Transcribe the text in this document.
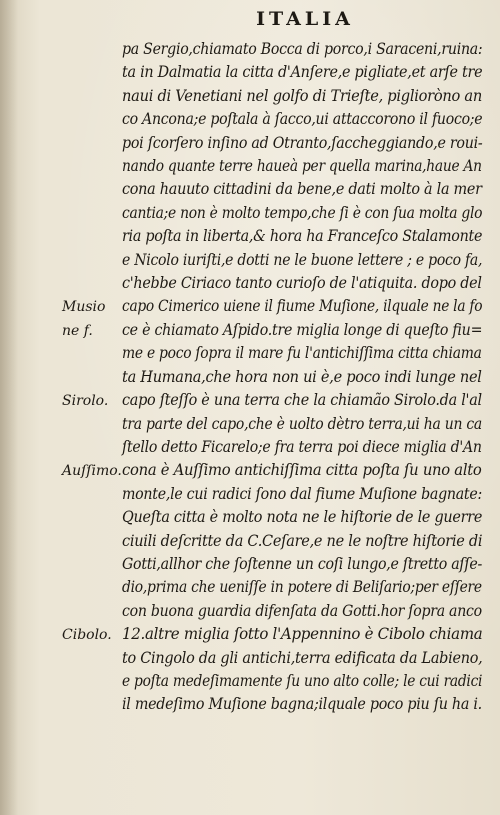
ITALIA
Musio
ne f.
Sirolo.
Auſſimo.
Cibolo.
pa Sergio,chiamato Bocca di porco,i Saraceni,ruina:
ta in Dalmatia la citta d'Anſere,e pigliate,et arſe tre
naui di Venetiani nel golfo di Trieſte, piglioròno an
co Ancona;e poſtala à ſacco,ui attaccorono il fuoco;e
poi ſcorſero inſino ad Otranto,ſaccheggiando,e roui-
nando quante terre haueà per quella marina,haue An
cona hauuto cittadini da bene,e dati molto à la mer
cantia;e non è molto tempo,che ſi è con ſua molta glo
ria poſta in liberta,& hora ha Franceſco Stalamonte
e Nicolo iuriſti,e dotti ne le buone lettere ; e poco fa,
c'hebbe Ciriaco tanto curioſo de l'atiquita. dopo del
capo Cimerico uiene il fiume Muſione, ilquale ne la fo
ce è chiamato Aſpido.tre miglia longe di queſto fiu=
me e poco ſopra il mare fu l'antichiſſima citta chiama
ta Humana,che hora non ui è,e poco indi lunge nel
capo ſteſſo è una terra che la chiamão Sirolo.da l'al
tra parte del capo,che è uolto dètro terra,ui ha un ca
ſtello detto Ficarelo;e fra terra poi diece miglia d'An
cona è Auſſimo antichiſſima citta poſta ſu uno alto
monte,le cui radici ſono dal fiume Muſione bagnate:
Queſta citta è molto nota ne le hiſtorie de le guerre
ciuili deſcritte da C.Ceſare,e ne le noſtre hiſtorie di
Gotti,allhor che ſoſtenne un coſi lungo,e ſtretto aſſe-
dio,prima che ueniſſe in potere di Beliſario;per eſſere
con buona guardia difenſata da Gotti.hor ſopra anco
12.altre miglia ſotto l'Appennino è Cibolo chiama
to Cingolo da gli antichi,terra edificata da Labieno,
e poſta medeſimamente ſu uno alto colle; le cui radici
il medeſimo Muſione bagna;ilquale poco piu ſu ha i.
